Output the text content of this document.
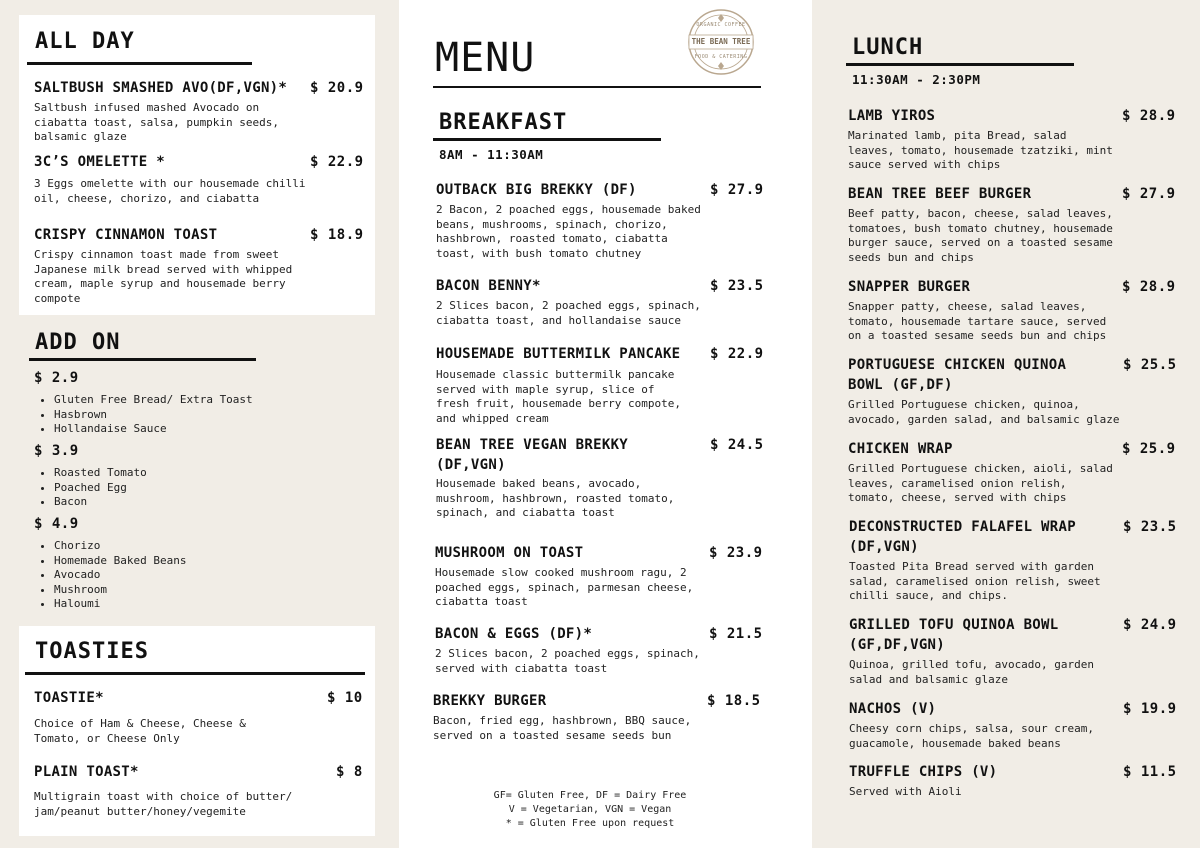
ALL DAY
SALTBUSH SMASHED AVO(DF,VGN)* $ 20.9
Saltbush infused mashed Avocado on ciabatta toast, salsa, pumpkin seeds, balsamic glaze
3C’S OMELETTE *	$ 22.9
3 Eggs omelette with our housemade chilli oil, cheese, chorizo, and ciabatta
CRISPY CINNAMON TOAST	$ 18.9
Crispy cinnamon toast made from sweet Japanese milk bread served with whipped cream, maple syrup and housemade berry compote
ADD ON
$ 2.9
• Gluten Free Bread/ Extra Toast
• Hasbrown
• Hollandaise Sauce
$ 3.9
• Roasted Tomato
• Poached Egg
• Bacon
$ 4.9
• Chorizo
• Homemade Baked Beans
• Avocado
• Mushroom
• Haloumi
TOASTIES
TOASTIE*	$ 10
Choice of Ham & Cheese, Cheese & Tomato, or Cheese Only
PLAIN TOAST*	$ 8
Multigrain toast with choice of butter/ jam/peanut butter/honey/vegemite
MENU
ORGANIC COFFEE
THE BEAN TREE
FOOD & CATERING
BREAKFAST
8AM - 11:30AM
OUTBACK BIG BREKKY (DF)	$ 27.9
2 Bacon, 2 poached eggs, housemade baked beans, mushrooms, spinach, chorizo, hashbrown, roasted tomato, ciabatta toast, with bush tomato chutney
BACON BENNY*	$ 23.5
2 Slices bacon, 2 poached eggs, spinach, ciabatta toast, and hollandaise sauce
HOUSEMADE BUTTERMILK PANCAKE $ 22.9
Housemade classic buttermilk pancake served with maple syrup, slice of fresh fruit, housemade berry compote, and whipped cream
BEAN TREE VEGAN BREKKY (DF,VGN)
$ 24.5
Housemade baked beans, avocado, mushroom, hashbrown, roasted tomato, spinach, and ciabatta toast
MUSHROOM ON TOAST	$ 23.9
Housemade slow cooked mushroom ragu, 2 poached eggs, spinach, parmesan cheese, ciabatta toast
BACON & EGGS (DF)*	$ 21.5
2 Slices bacon, 2 poached eggs, spinach, served with ciabatta toast
BREKKY BURGER	$ 18.5
Bacon, fried egg, hashbrown, BBQ sauce, served on a toasted sesame seeds bun
GF= Gluten Free, DF = Dairy Free
V = Vegetarian, VGN = Vegan
* = Gluten Free upon request
LUNCH
11:30AM - 2:30PM
LAMB YIROS	$ 28.9
Marinated lamb, pita Bread, salad leaves, tomato, housemade tzatziki, mint sauce served with chips
BEAN TREE BEEF BURGER	$ 27.9
Beef patty, bacon, cheese, salad leaves, tomatoes, bush tomato chutney, housemade burger sauce, served on a toasted sesame seeds bun and chips
SNAPPER BURGER	$ 28.9
Snapper patty, cheese, salad leaves, tomato, housemade tartare sauce, served on a toasted sesame seeds bun and chips
PORTUGUESE CHICKEN QUINOA BOWL (GF,DF)
$ 25.5
Grilled Portuguese chicken, quinoa, avocado, garden salad, and balsamic glaze
CHICKEN WRAP	$ 25.9
Grilled Portuguese chicken, aioli, salad leaves, caramelised onion relish, tomato, cheese, served with chips
DECONSTRUCTED FALAFEL WRAP (DF,VGN)
$ 23.5
Toasted Pita Bread served with garden salad, caramelised onion relish, sweet chilli sauce, and chips.
GRILLED TOFU QUINOA BOWL (GF,DF,VGN)
$ 24.9
Quinoa, grilled tofu, avocado, garden salad and balsamic glaze
NACHOS (V)	$ 19.9
Cheesy corn chips, salsa, sour cream, guacamole, housemade baked beans
TRUFFLE CHIPS (V)	$ 11.5
Served with Aioli
